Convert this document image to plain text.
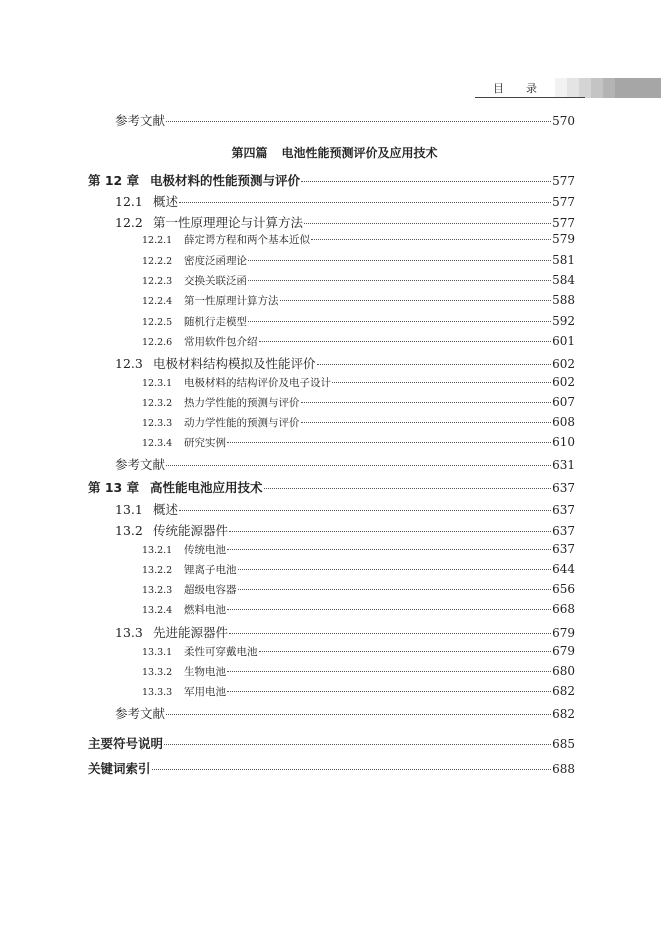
目 录
第四篇 电池性能预测评价及应用技术
参考文献	570
第 12 章 电极材料的性能预测与评价	577
12.1 概述	577
12.2 第一性原理理论与计算方法	577
12.2.1	薛定谔方程和两个基本近似	579
12.2.2	密度泛函理论	581
12.2.3	交换关联泛函	584
12.2.4	第一性原理计算方法	588
12.2.5	随机行走模型	592
12.2.6	常用软件包介绍	601
12.3 电极材料结构模拟及性能评价	602
12.3.1	电极材料的结构评价及电子设计	602
12.3.2	热力学性能的预测与评价	607
12.3.3	动力学性能的预测与评价	608
12.3.4	研究实例	610
参考文献	631
第 13 章 高性能电池应用技术	637
13.1 概述	637
13.2 传统能源器件	637
13.2.1	传统电池	637
13.2.2	锂离子电池	644
13.2.3	超级电容器	656
13.2.4	燃料电池	668
13.3 先进能源器件	679
13.3.1	柔性可穿戴电池	679
13.3.2	生物电池	680
13.3.3	军用电池	682
参考文献	682
主要符号说明	685
关键词索引	688
